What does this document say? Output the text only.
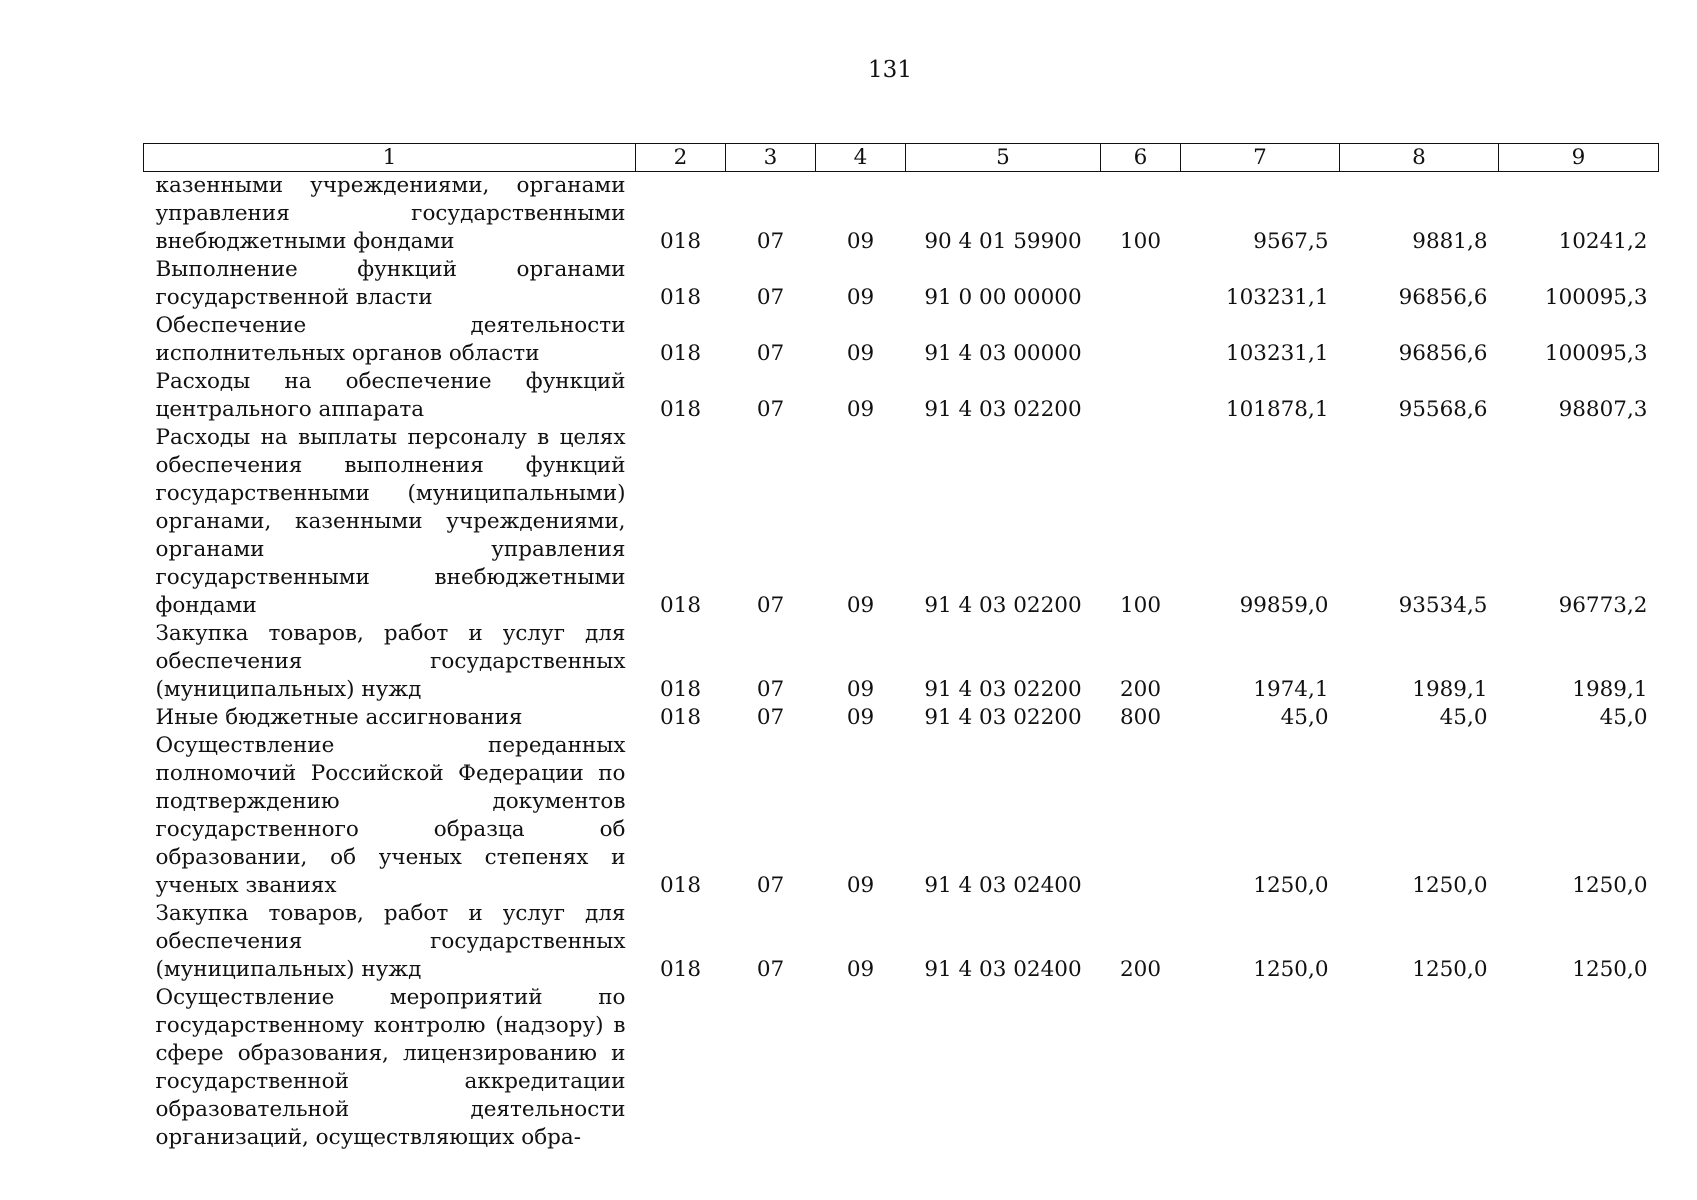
131
1	2	3	4	5	6	7	8	9
казенными учреждениями, органами управления государственными внебюджетными фондами	018	07	09	90 4 01 59900	100	9567,5	9881,8	10241,2
Выполнение функций органами государственной власти	018	07	09	91 0 00 00000		103231,1	96856,6	100095,3
Обеспечение деятельности исполнительных органов области	018	07	09	91 4 03 00000		103231,1	96856,6	100095,3
Расходы на обеспечение функций центрального аппарата	018	07	09	91 4 03 02200		101878,1	95568,6	98807,3
Расходы на выплаты персоналу в целях обеспечения выполнения функций государственными (муниципальными) органами, казенными учреждениями, органами управления государственными внебюджетными фондами	018	07	09	91 4 03 02200	100	99859,0	93534,5	96773,2
Закупка товаров, работ и услуг для обеспечения государственных (муниципальных) нужд	018	07	09	91 4 03 02200	200	1974,1	1989,1	1989,1
Иные бюджетные ассигнования	018	07	09	91 4 03 02200	800	45,0	45,0	45,0
Осуществление переданных полномочий Российской Федерации по подтверждению документов государственного образца об образовании, об ученых степенях и ученых званиях	018	07	09	91 4 03 02400		1250,0	1250,0	1250,0
Закупка товаров, работ и услуг для обеспечения государственных (муниципальных) нужд	018	07	09	91 4 03 02400	200	1250,0	1250,0	1250,0
Осуществление мероприятий по государственному контролю (надзору) в сфере образования, лицензированию и государственной аккредитации образовательной деятельности организаций, осуществляющих обра-								
